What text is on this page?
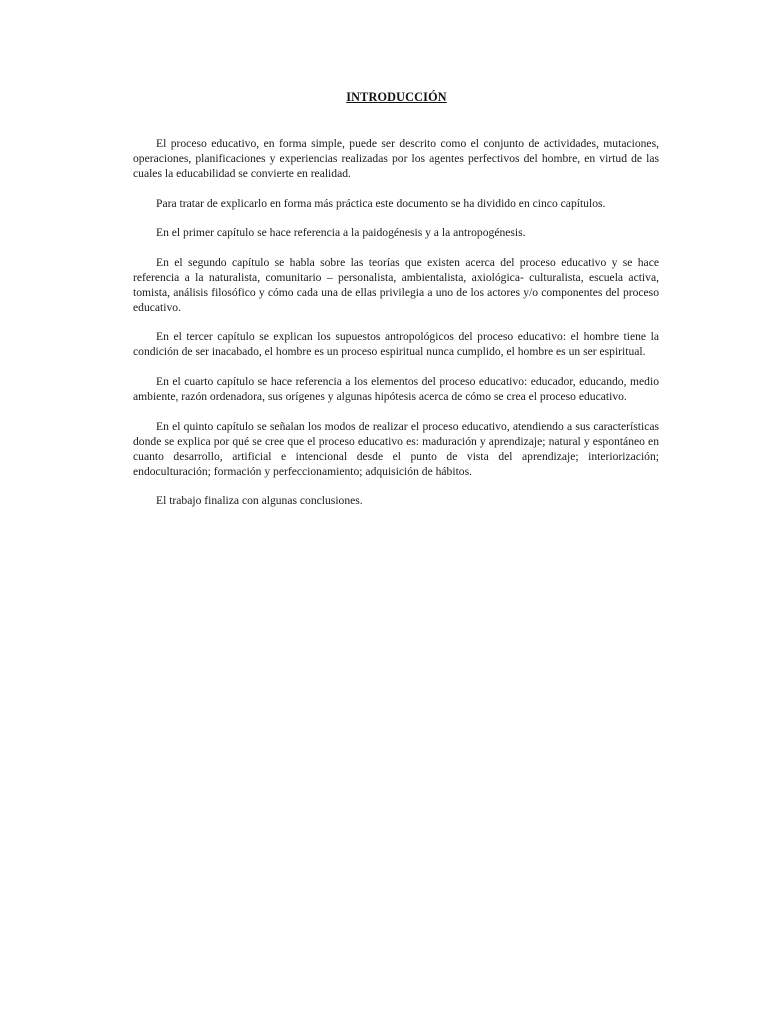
INTRODUCCIÓN

El proceso educativo, en forma simple, puede ser descrito como el conjunto de actividades, mutaciones, operaciones, planificaciones y experiencias realizadas por los agentes perfectivos del hombre, en virtud de las cuales la educabilidad se convierte en realidad.

Para tratar de explicarlo en forma más práctica este documento se ha dividido en cinco capítulos.

En el primer capítulo se hace referencia a la paidogénesis y a la antropogénesis.

En el segundo capítulo se habla sobre las teorías que existen acerca del proceso educativo y se hace referencia a la naturalista, comunitario – personalista, ambientalista, axiológica- culturalista, escuela activa, tomista, análisis filosófico y cómo cada una de ellas privilegia a uno de los actores y/o componentes del proceso educativo.

En el tercer capítulo se explican los supuestos antropológicos del proceso educativo: el hombre tiene la condición de ser inacabado, el hombre es un proceso espiritual nunca cumplido, el hombre es un ser espiritual.

En el cuarto capítulo se hace referencia a los elementos del proceso educativo: educador, educando, medio ambiente, razón ordenadora, sus orígenes y algunas hipótesis acerca de cómo se crea el proceso educativo.

En el quinto capítulo se señalan los modos de realizar el proceso educativo, atendiendo a sus características donde se explica por qué se cree que el proceso educativo es: maduración y aprendizaje; natural y espontáneo en cuanto desarrollo, artificial e intencional desde el punto de vista del aprendizaje; interiorización; endoculturación; formación y perfeccionamiento; adquisición de hábitos.

El trabajo finaliza con algunas conclusiones.
